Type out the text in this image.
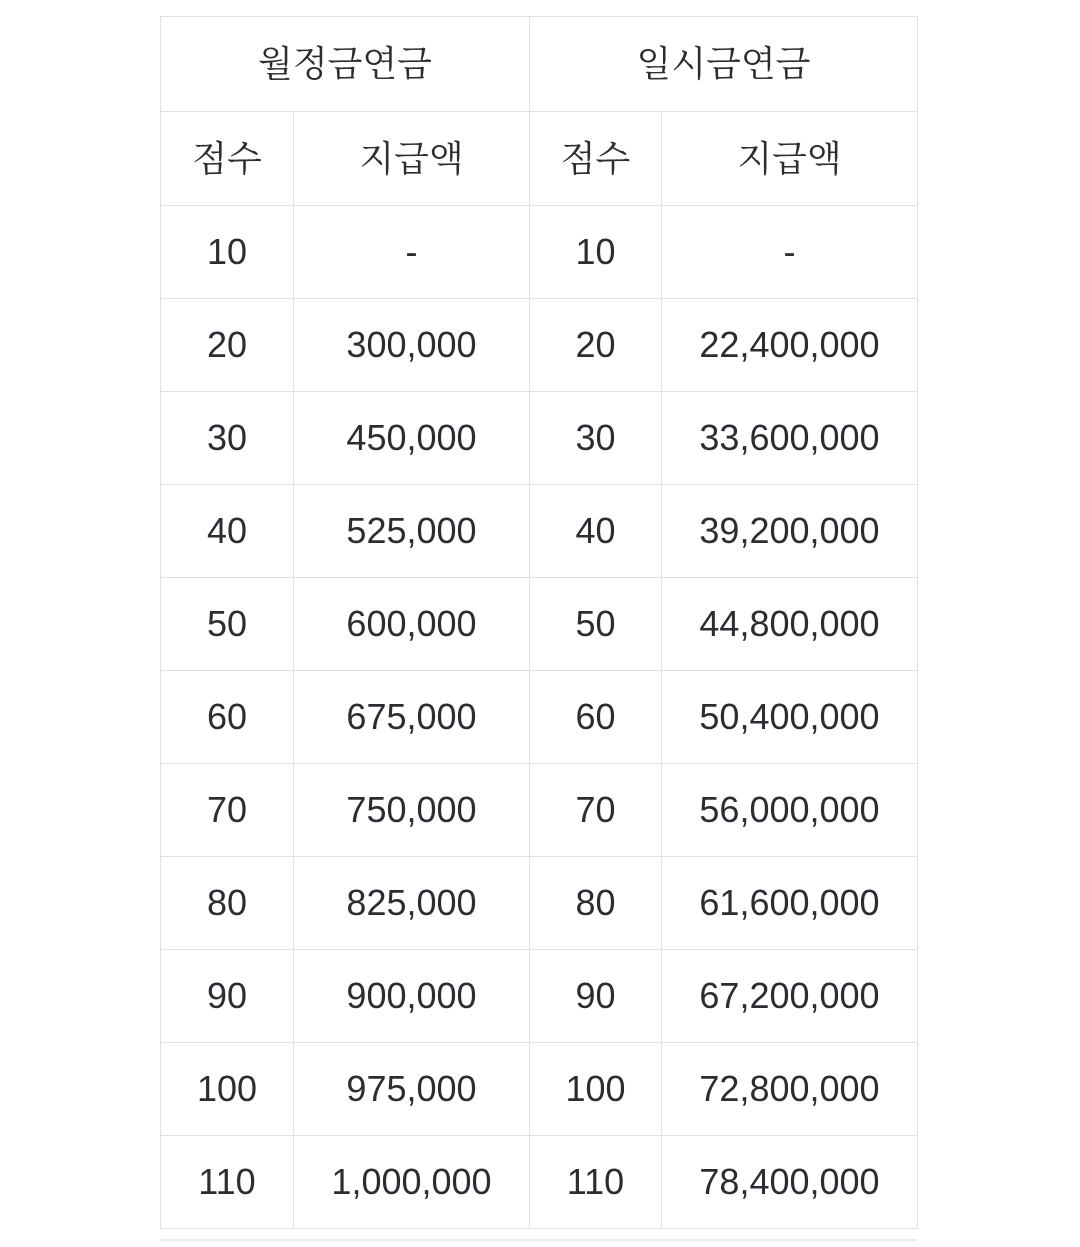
월정금연금		일시금연금	
점수	지급액	점수	지급액
10	-	10	-
20	300,000	20	22,400,000
30	450,000	30	33,600,000
40	525,000	40	39,200,000
50	600,000	50	44,800,000
60	675,000	60	50,400,000
70	750,000	70	56,000,000
80	825,000	80	61,600,000
90	900,000	90	67,200,000
100	975,000	100	72,800,000
110	1,000,000	110	78,400,000
